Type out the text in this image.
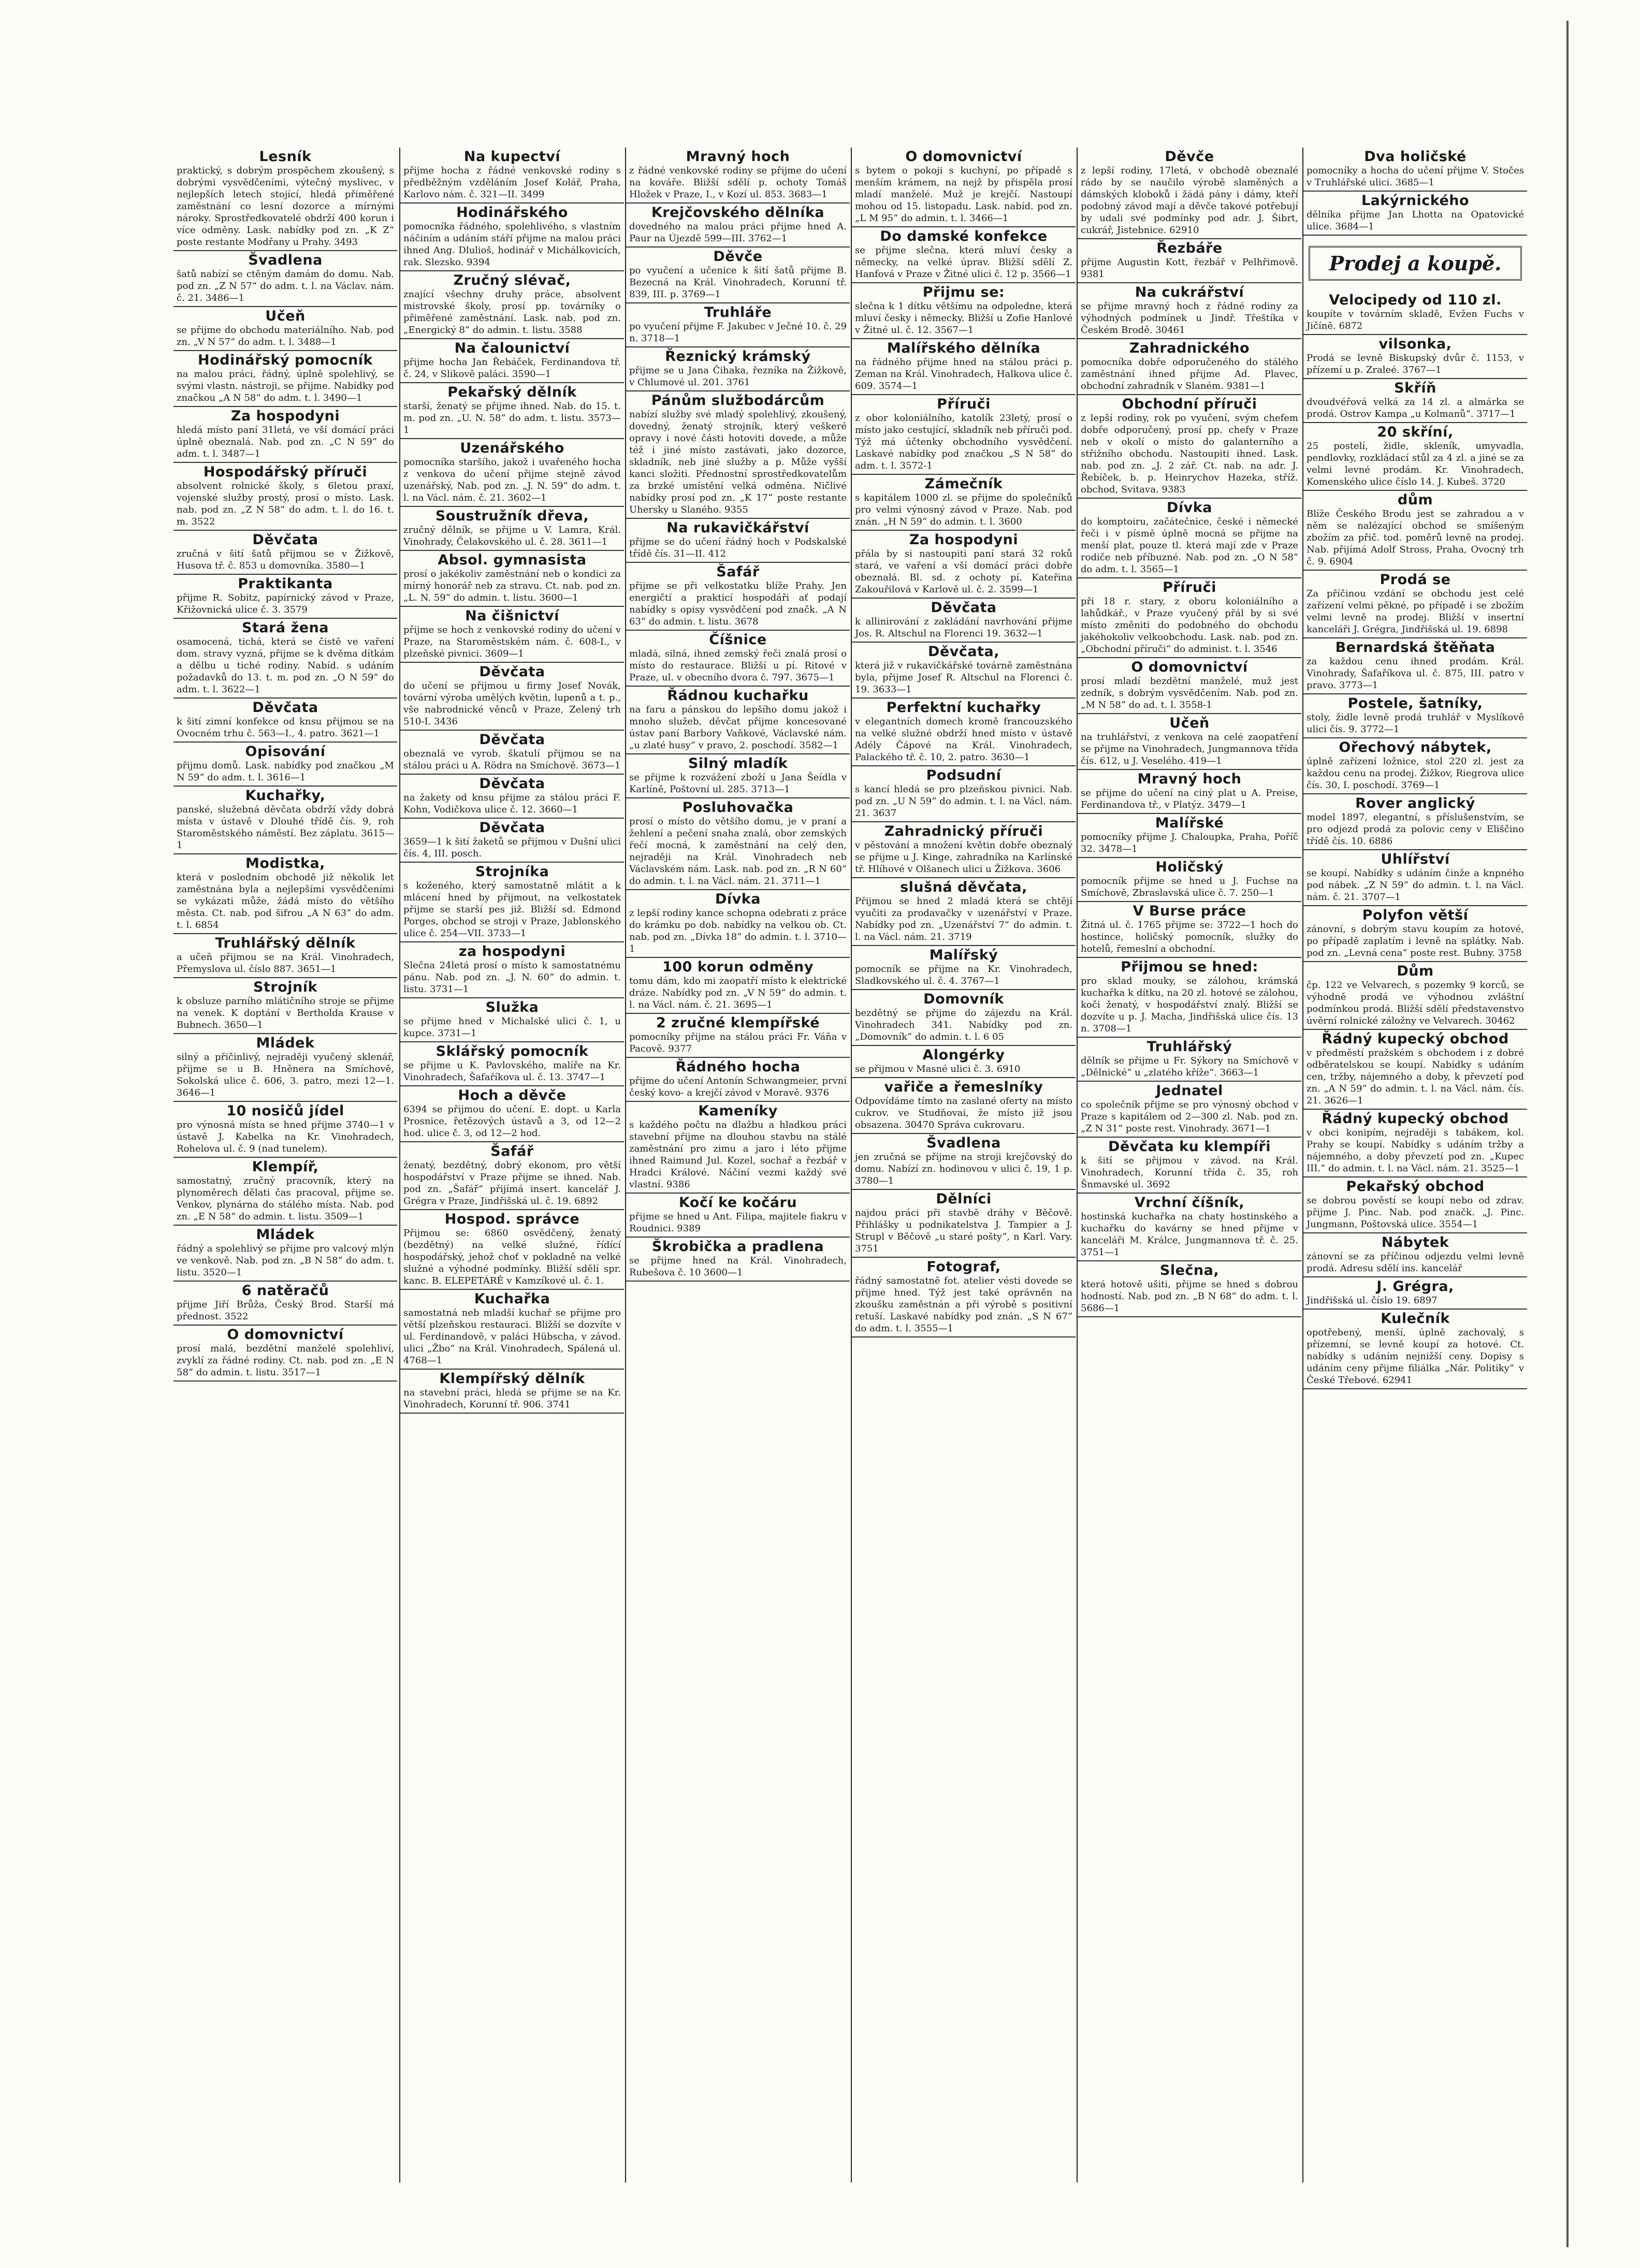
Lesník

praktický, s dobrým prospěchem zkoušený, s dobrými vysvědčeními, výtečný myslivec, v nejlepších letech stojící, hledá přiměřené zaměstnání co lesní dozorce a mírnými nároky. Sprostředkovatelé obdrží 400 korun i více odměny. Lask. nabídky pod zn. „K Z“ poste restante Modřany u Prahy. 3493

Švadlena

šatů nabízí se ctěným damám do domu. Nab. pod zn. „Z N 57“ do adm. t. l. na Václav. nám. č. 21. 3486—1

Učeň

se přijme do obchodu materiálního. Nab. pod zn. „V N 57“ do adm. t. l. 3488—1

Hodinářský pomocník

na malou práci, řádný, úplně spolehlivý, se svými vlastn. nástroji, se přijme. Nabídky pod značkou „A N 58“ do adm. t. l. 3490—1

Za hospodyni

hledá místo paní 31letá, ve vší domácí práci úplně obeznalá. Nab. pod zn. „C N 59“ do adm. t. l. 3487—1

Hospodářský příruči

absolvent rolnické školy, s 6letou praxí, vojenské služby prostý, prosí o místo. Lask. nab. pod zn. „Z N 58“ do adm. t. l. do 16. t. m. 3522

Děvčata

zručná v šití šatů přijmou se v Žižkově, Husova tř. č. 853 u domovníka. 3580—1

Praktikanta

přijme R. Sobitz, papírnický závod v Praze, Křižovnická ulice č. 3. 3579

Stará žena

osamocená, tichá, která se čistě ve vaření dom. stravy vyzná, přijme se k dvěma dítkám a dělbu u tiché rodiny. Nabíd. s udáním požadavků do 13. t. m. pod zn. „O N 59“ do adm. t. l. 3622—1

Děvčata

k šití zimní konfekce od knsu přijmou se na Ovocném trhu č. 563—I., 4. patro. 3621—1

Opisování

přijmu domů. Lask. nabídky pod značkou „M N 59“ do adm. t. l. 3616—1

Kuchařky,

panské, služebná děvčata obdrží vždy dobrá místa v ústavě v Dlouhé třídě čís. 9, roh Staroměstského náměstí. Bez záplatu. 3615—1

Modistka,

která v posledním obchodě již několik let zaměstnána byla a nejlepšími vysvědčeními se vykázati může, žádá místo do většího města. Ct. nab. pod šifrou „A N 63“ do adm. t. l. 6854

Truhlářský dělník

a učeň přijmou se na Král. Vinohradech, Přemyslova ul. číslo 887. 3651—1

Strojník

k obsluze parního mlátičního stroje se přijme na venek. K doptání v Bertholda Krause v Bubnech. 3650—1

Mládek

silný a přičinlivý, nejraději vyučený sklenář, přijme se u B. Hněnera na Smíchově, Sokolská ulice č. 606, 3. patro, mezi 12—1. 3646—1

10 nosičů jídel

pro výnosná místa se hned přijme 3740—1 v ústavě J. Kabelka na Kr. Vinohradech, Rohelova ul. č. 9 (nad tunelem).

Klempíř,

samostatný, zručný pracovník, který na plynoměrech dělati čas pracoval, přijme se. Venkov, plynárna do stálého místa. Nab. pod zn. „E N 58“ do admin. t. listu. 3509—1

Mládek

řádný a spolehlivý se přijme pro valcový mlýn ve venkově. Nab. pod zn. „B N 58“ do adm. t. listu. 3520—1

6 natěračů

přijme Jiří Brůža, Český Brod. Starší má přednost. 3522

O domovnictví

prosí malá, bezdětní manželé spolehliví, zvyklí za řádné rodiny. Ct. nab. pod zn. „E N 58“ do admin. t. listu. 3517—1

Na kupectví

přijme hocha z řádné venkovské rodiny s předběžným vzděláním Josef Kolář, Praha, Karlovo nám. č. 321—II. 3499

Hodinářského

pomocníka řádného, spolehlivého, s vlastním náčiním a udáním stáří přijme na malou práci ihned Ang. Dlulioš, hodinář v Michálkovicích, rak. Slezsko. 9394

Zručný slévač,

znající všechny druhy práce, absolvent mistrovské školy, prosí pp. továrníky o přiměřené zaměstnání. Lask. nab. pod zn. „Energický 8“ do admin. t. listu. 3588

Na čalounictví

přijme hocha Jan Řebáček, Ferdinandova tř. č. 24, v Slikově paláci. 3590—1

Pekařský dělník

starší, ženatý se přijme ihned. Nab. do 15. t. m. pod zn. „U. N. 58“ do adm. t. listu. 3573—1

Uzenářského

pomocníka staršího, jakož i uvařeného hocha z venkova do učení přijme stejně závod uzenářský, Nab. pod zn. „J. N. 59“ do adm. t. l. na Václ. nám. č. 21. 3602—1

Soustružník dřeva,

zručný dělník, se přijme u V. Lamra, Král. Vinohrady, Čelakovského ul. č. 28. 3611—1

Absol. gymnasista

prosí o jakékoliv zaměstnání neb o kondici za mírný honorář neb za stravu. Ct. nab. pod zn. „L. N. 59“ do admin. t. listu. 3600—1

Na čišnictví

přijme se hoch z venkovské rodiny do učení v Praze, na Staroměstském nám. č. 608-I., v plzeňské pivnici. 3609—1

Děvčata

do učení se přijmou u firmy Josef Novák, tovární výroba umělých květin, lupenů a t. p., vše nabrodnické věnců v Praze, Zelený trh 510-I. 3436

Děvčata

obeznalá ve vyrob. škatulí přijmou se na stálou práci u A. Rödra na Smíchově. 3673—1

Děvčata

na žakety od knsu přijme za stálou práci F. Kohn, Vodičkova ulice č. 12. 3660—1

Děvčata

3659—1 k šití žaketů se přijmou v Dušní ulici čís. 4, III. posch.

Strojníka

s koženého, který samostatně mlátit a k mlácení hned by přijmout, na velkostatek přijme se starší pes již. Bližší sd. Edmond Porges, obchod se stroji v Praze, Jablonského ulice č. 254—VII. 3733—1

za hospodyni

Slečna 24letá prosí o místo k samostatnému pánu. Nab. pod zn. „J. N. 60“ do admin. t. listu. 3731—1

Služka

se přijme hned v Michalské ulici č. 1, u kupce. 3731—1

Sklářský pomocník

se přijme u K. Pavlovského, malíře na Kr. Vinohradech, Šafaříkova ul. č. 13. 3747—1

Hoch a děvče

6394 se přijmou do učení. E. dopt. u Karla Prosnice, řetězových ústavů a 3, od 12—2 hod. ulice č. 3, od 12—2 hod.

Šafář

ženatý, bezdětný, dobrý ekonom, pro větší hospodářství v Praze přijme se ihned. Nab. pod zn. „Šafář“ přijímá insert. kancelář J. Grégra v Praze, Jindřišská ul. č. 19. 6892

Hospod. správce

Přijmou se: 6860 osvědčený, ženatý (bezdětný) na velké služné, řídící hospodářský, jehož choť v pokladně na velké služné a výhodné podmínky. Bližší sdělí spr. kanc. B. ELEPETÁRÉ v Kamzíkové ul. č. 1.

Kuchařka

samostatná neb mladší kuchař se přijme pro větší plzeňskou restauraci. Bližší se dozvíte v ul. Ferdinandově, v paláci Hübscha, v závod. ulici „Žbo“ na Král. Vinohradech, Spálená ul. 4768—1

Klempířský dělník

na stavební práci, hledá se přijme se na Kr. Vinohradech, Korunní tř. 906. 3741

Mravný hoch

z řádné venkovské rodiny se přijme do učení na kováře. Bližší sdělí p. ochoty Tomáš Hložek v Praze, I., v Kozí ul. 853. 3683—1

Krejčovského dělníka

dovedného na malou práci přijme hned A. Paur na Újezdě 599—III. 3762—1

Děvče

po vyučení a učenice k šití šatů přijme B. Bezecná na Král. Vinohradech, Korunní tř. 839, III. p. 3769—1

Truhláře

po vyučení přijme F. Jakubec v Ječné 10. č. 29 n. 3718—1

Řeznický krámský

přijme se u Jana Čihaka, řezníka na Žižkově, v Chlumové ul. 201. 3761

Pánům službodárcům

nabízí služby své mladý spolehlivý, zkoušený, dovedný, ženatý strojník, který veškeré opravy i nové části hotoviti dovede, a může též i jiné místo zastávati, jako dozorce, skladník, neb jiné služby a p. Může vyšší kanci složiti. Přednostní sprostředkovatelům za brzké umístění velká odměna. Ničlivé nabídky prosí pod zn. „K 17“ poste restante Uhersky u Slaného. 9355

Na rukavičkářství

přijme se do učení řádný hoch v Podskalské třídě čís. 31—II. 412

Šafář

přijme se při velkostatku blíže Prahy. Jen energičtí a prakticí hospodáři ať podají nabídky s opisy vysvědčení pod značk. „A N 63“ do admin. t. listu. 3678

Číšnice

mladá, silná, ihned zemský řeči znalá prosí o místo do restaurace. Bližší u pí. Ritové v Praze, ul. v obecního dvora č. 797. 3675—1

Řádnou kuchařku

na faru a pánskou do lepšího domu jakož i mnoho služeb, děvčat přijme koncesované ústav paní Barbory Vaňkové, Václavské nám. „u zlaté husy“ v pravo, 2. poschodí. 3582—1

Silný mladík

se přijme k rozvážení zboží u Jana Šeídla v Karlíně, Poštovní ul. 285. 3713—1

Posluhovačka

prosí o místo do většího domu, je v praní a žehlení a pečení snaha znalá, obor zemských řečí mocná, k zaměstnání na celý den, nejraději na Král. Vinohradech neb Václavském nám. Lask. nab. pod zn. „R N 60“ do admin. t. l. na Václ. nám. 21. 3711—1

Dívka

z lepší rodiny kance schopna odebrati z práce do krámku po dob. nabídky na velkou ob. Ct. nab. pod zn. „Dívka 18“ do admin. t. l. 3710—1

100 korun odměny

tomu dám, kdo mi zaopatří místo k elektrické dráze. Nabídky pod zn. „V N 59“ do admin. t. l. na Václ. nám. č. 21. 3695—1

2 zručné klempířské

pomocníky přijme na stálou práci Fr. Váňa v Pacově. 9377

Řádného hocha

přijme do učení Antonín Schwangmeier, první český kovo- a krejčí závod v Moravě. 9376

Kameníky

s každého počtu na dlažbu a hladkou práci stavební přijme na dlouhou stavbu na stálé zaměstnání pro zimu a jaro i léto přijme ihned Raimund Jul. Kozel, sochař a řezbář v Hradci Králové. Náčiní vezmi každý své vlastní. 9386

Kočí ke kočáru

přijme se hned u Ant. Filipa, majitele fiakru v Roudnici. 9389

Škrobička a pradlena

se přijme hned na Král. Vinohradech, Rubešova č. 10 3600—1

O domovnictví

s bytem o pokoji s kuchyní, po případě s menším krámem, na nejž by přispěla prosí mladí manželé. Muž je krejčí. Nastoupí mohou od 15. listopadu. Lask. nabíd. pod zn. „L M 95“ do admin. t. l. 3466—1

Do damské konfekce

se přijme slečna, která mluví česky a německy, na velké úprav. Bližší sdělí Z. Hanfová v Praze v Žitné ulici č. 12 p. 3566—1

Přijmu se:

slečna k 1 dítku většímu na odpoledne, která mluví česky i německy. Bližší u Zofie Hanlové v Žitné ul. č. 12. 3567—1

Malířského dělníka

na řádného přijme hned na stálou práci p. Zeman na Král. Vinohradech, Halkova ulice č. 609. 3574—1

Příruči

z obor koloniálního, katolík 23letý, prosí o místo jako cestující, skladník neb příruči pod. Týž má účtenky obchodního vysvědčení. Laskavé nabídky pod značkou „S N 58“ do adm. t. l. 3572-1

Zámečník

s kapitálem 1000 zl. se přijme do společníků pro velmi výnosný závod v Praze. Nab. pod znán. „H N 59“ do admin. t. l. 3600

Za hospodyni

přála by si nastoupiti paní stará 32 roků stará, ve vaření a vší domácí práci dobře obeznalá. Bl. sd. z ochoty pí. Kateřina Zakouřilová v Karlově ul. č. 2. 3599—1

Děvčata

k allinirování z zakládání navrhování přijme Jos. R. Altschul na Florenci 19. 3632—1

Děvčata,

která již v rukavičkářské továrně zaměstnána byla, přijme Josef R. Altschul na Florenci č. 19. 3633—1

Perfektní kuchařky

v elegantních domech kromě francouzského na velké služné obdrží hned místo v ústavě Adély Čápové na Král. Vinohradech, Palackého tř. č. 10, 2. patro. 3630—1

Podsudní

s kancí hledá se pro plzeňskou pivnici. Nab. pod zn. „U N 59“ do admin. t. l. na Václ. nám. 21. 3637

Zahradnický příruči

v pěstování a množení květin dobře obeznalý se přijme u J. Kinge, zahradníka na Karlínské tř. Hlíhové v Olšanech ulici u Žižkova. 3606

slušná děvčata,

Přijmou se hned 2 mladá která se chtějí vyučiti za prodavačky v uzenářství v Praze. Nabídky pod zn. „Uzenářství 7“ do admin. t. l. na Václ. nám. 21. 3719

Malířský

pomocník se přijme na Kr. Vinohradech, Sladkovského ul. č. 4. 3767—1

Domovník

bezdětný se přijme do zájezdu na Král. Vinohradech 341. Nabídky pod zn. „Domovník“ do admin. t. l. 6 05

Alongérky

se přijmou v Masné ulici č. 3. 6910

vařiče a řemeslníky

Odpovídáme tímto na zaslané oferty na místo cukrov. ve Studňovai, že místo již jsou obsazena. 30470 Správa cukrovaru.

Švadlena

jen zručná se přijme na stroji krejčovský do domu. Nabízí zn. hodinovou v ulici č. 19, 1 p. 3780—1

Dělníci

najdou práci při stavbě dráhy v Běčově. Přihlášky u podnikatelstva J. Tampier a J. Strupl v Běčově „u staré pošty“, n Karl. Vary. 3751

Fotograf,

řádný samostatně fot. atelier vésti dovede se přijme hned. Týž jest také oprávněn na zkoušku zaměstnán a při výrobě s positivní retuší. Laskavé nabídky pod znán. „S N 67“ do adm. t. l. 3555—1

Děvče

z lepší rodiny, 17letá, v obchodě obeznalé rádo by se naučilo výrobě slaměných a dámských kloboků i žádá pány i dámy, kteří podobný závod mají a děvče takové potřebují by udali své podmínky pod adr. J. Šibrt, cukrář, Jistebnice. 62910

Řezbáře

přijme Augustin Kott, řezbář v Pelhřimově. 9381

Na cukrářství

se přijme mravný hoch z řádné rodiny za výhodných podmínek u Jindř. Třeštíka v Českém Brodě. 30461

Zahradnického

pomocníka dobře odporučeného do stálého zaměstnání ihned přijme Ad. Plavec, obchodní zahradník v Slaném. 9381—1

Obchodní příruči

z lepší rodiny, rok po vyučení, svým chefem dobře odporučený, prosí pp. chefy v Praze neb v okolí o místo do galanterního a střižního obchodu. Nastoupiti ihned. Lask. nab. pod zn. „J. 2 zář. Ct. nab. na adr. J. Řebíček, b. p. Heinrychov Hazeka, stříž. obchod, Svitava. 9383

Dívka

do komptoiru, začátečnice, české i německé řeči i v písmě úplně mocná se přijme na menší plat, pouze tl. která mají zde v Praze rodiče neb příbuzné. Nab. pod zn. „O N 58“ do adm. t. l. 3565—1

Příruči

při 18 r. stary, z oboru koloniálního a lahůdkář., v Praze vyučený přál by si své místo změniti do podobného do obchodu jakéhokoliv velkoobchodu. Lask. nab. pod zn. „Obchodní příruči“ do administ. t. l. 3546

O domovnictví

prosí mladí bezdětní manželé, muž jest zedník, s dobrým vysvědčením. Nab. pod zn. „M N 58“ do ad. t. l. 3558-1

Učeň

na truhlářství, z venkova na celé zaopatření se přijme na Vinohradech, Jungmannova třída čís. 612, u J. Veselého. 419—1

Mravný hoch

se přijme do učení na ciný plat u A. Preise, Ferdinandova tř., v Platýz. 3479—1

Malířské

pomocníky přijme J. Chaloupka, Praha, Poříč 32. 3478—1

Holičský

pomocník přijme se hned u J. Fuchse na Smíchově, Zbraslavská ulice č. 7. 250—1

V Burse práce

Žitná ul. č. 1765 přijme se: 3722—1 hoch do hostince, holičský pomocník, služky do hotelů, řemeslní a obchodní.

Přijmou se hned:

pro sklad mouky, se zálohou, krámská kuchařka k dítku, na 20 zl. hotové se zálohou, koči ženatý, v hospodářství znalý. Bližší se dozvíte u p. J. Macha, Jindřišská ulice čís. 13 n. 3708—1

Truhlářský

dělník se přijme u Fr. Sýkory na Smíchově v „Dělnické“ u „zlatého kříže“. 3663—1

Jednatel

co společník přijme se pro výnosný obchod v Praze s kapitálem od 2—300 zl. Nab. pod zn. „Z N 31“ poste rest. Vinohrady. 3671—1

Děvčata ku klempíři

k šití se přijmou v závod. na Král. Vinohradech, Korunní třída č. 35, roh Šnmavské ul. 3692

Vrchní číšník,

hostinská kuchařka na chaty hostinského a kuchařku do kavárny se hned přijme v kanceláři M. Králce, Jungmannova tř. č. 25. 3751—1

Slečna,

která hotově ušiti, přijme se hned s dobrou hodností. Nab. pod zn. „B N 68“ do adm. t. l. 5686—1

Dva holičské

pomocníky a hocha do učení přijme V. Stočes v Truhlářské ulici. 3685—1

Lakýrnického

dělníka přijme Jan Lhotta na Opatovické ulice. 3684—1

Prodej a koupě.
Velocipedy od 110 zl.

koupíte v továrním skladě, Evžen Fuchs v Jičíně. 6872

vilsonka,

Prodá se levně Biskupský dvůr č. 1153, v přízemí u p. Zraleé. 3767—1

Skříň

dvoudvéřová velká za 14 zl. a almárka se prodá. Ostrov Kampa „u Kolmanů“. 3717—1

20 skříní,

25 postelí, židle, skleník, umyvadla, pendlovky, rozkládací stůl za 4 zl. a jiné se za velmi levné prodám. Kr. Vinohradech, Komenského ulice číslo 14. J. Kubeš. 3720

dům

Blíže Českého Brodu jest se zahradou a v něm se nalézající obchod se smíšeným zbožím za přič. tod. poměrů levně na prodej. Nab. přijímá Adolf Stross, Praha, Ovocný trh č. 9. 6904

Prodá se

Za příčinou vzdání se obchodu jest celé zařízení velmi pěkné, po případě i se zbožím velmi levně na prodej. Bližší v insertní kanceláři J. Grégra, Jindřišská ul. 19. 6898

Bernardská štěňata

za každou cenu ihned prodám. Král. Vinohrady, Šafaříkova ul. č. 875, III. patro v pravo. 3773—1

Postele, šatníky,

stoly, židle levně prodá truhlář v Myslíkově ulici čís. 9. 3772—1

Ořechový nábytek,

úplně zařízení ložnice, stol 220 zl. jest za každou cenu na prodej. Žižkov, Riegrova ulice čís. 30, I. poschodí. 3769—1

Rover anglický

model 1897, elegantní, s příslušenstvím, se pro odjezd prodá za polovic ceny v Eliščino třídě čís. 10. 6886

Uhlířství

se koupí. Nabídky s udáním činže a knpného pod nábek. „Z N 59“ do admin. t. l. na Václ. nám. č. 21. 3707—1

Polyfon větší

zánovní, s dobrým stavu koupím za hotové, po případě zaplatím i levně na splátky. Nab. pod zn. „Levná cena“ poste rest. Bubny. 3758

Dům

čp. 122 ve Velvarech, s pozemky 9 korců, se výhodně prodá ve výhodnou zvláštní podmínkou prodá. Bližší sdělí představenstvo úvěrní rolnické záložny ve Velvarech. 30462

Řádný kupecký obchod

v předměstí pražském s obchodem i z dobré odběratelskou se koupí. Nabídky s udáním cen, tržby, nájemného a doby, k převzetí pod zn. „A N 59“ do admin. t. l. na Václ. nám. čís. 21. 3626—1

Řádný kupecký obchod

v obci konipím, nejraději s tabákem, kol. Prahy se koupí. Nabídky s udáním tržby a nájemného, a doby převzetí pod zn. „Kupec III.“ do admin. t. l. na Václ. nám. 21. 3525—1

Pekařský obchod

se dobrou pověstí se koupí nebo od zdrav. přijme J. Pinc. Nab. pod značk. „J. Pinc. Jungmann, Poštovská ulice. 3554—1

Nábytek

zánovní se za příčinou odjezdu velmi levně prodá. Adresu sdělí ins. kancelář

J. Grégra,

Jindřišská ul. číslo 19. 6897

Kulečník

opotřebený, menší, úplně zachovalý, s přízemní, se levně koupí za hotové. Ct. nabídky s udáním nejnižší ceny. Dopisy s udáním ceny přijme filiálka „Nár. Politiky“ v České Třebové. 62941
